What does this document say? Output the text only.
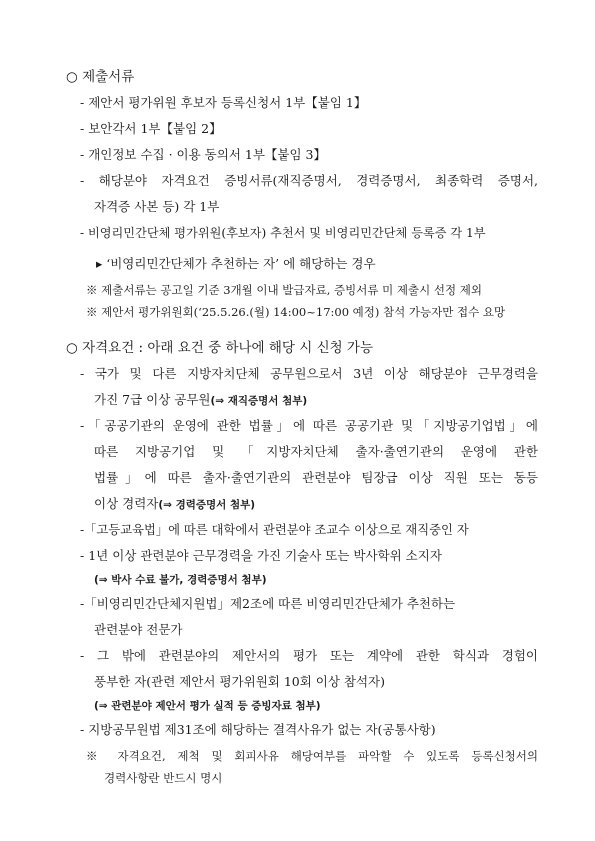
○ 제출서류
- 제안서 평가위원 후보자 등록신청서 1부【붙임 1】
- 보안각서 1부【붙임 2】
- 개인정보 수집 · 이용 동의서 1부【붙임 3】
- 해당분야 자격요건 증빙서류(재직증명서, 경력증명서, 최종학력 증명서,
자격증 사본 등) 각 1부
- 비영리민간단체 평가위원(후보자) 추천서 및 비영리민간단체 등록증 각 1부
▸ ‘비영리민간단체가 추천하는 자’ 에 해당하는 경우
※ 제출서류는 공고일 기준 3개월 이내 발급자료, 증빙서류 미 제출시 선정 제외
※ 제안서 평가위원회(‘25.5.26.(월) 14:00~17:00 예정) 참석 가능자만 접수 요망
○ 자격요건 : 아래 요건 중 하나에 해당 시 신청 가능
- 국가 및 다른 지방자치단체 공무원으로서 3년 이상 해당분야 근무경력을
가진 7급 이상 공무원(⇒ 재직증명서 첨부)
-「공공기관의 운영에 관한 법률」에 따른 공공기관 및「지방공기업법」에
따른 지방공기업 및 「지방자치단체 출자·출연기관의 운영에 관한
법률」에 따른 출자·출연기관의 관련분야 팀장급 이상 직원 또는 동등
이상 경력자(⇒ 경력증명서 첨부)
-「고등교육법」에 따른 대학에서 관련분야 조교수 이상으로 재직중인 자
- 1년 이상 관련분야 근무경력을 가진 기술사 또는 박사학위 소지자
(⇒ 박사 수료 불가, 경력증명서 첨부)
-「비영리민간단체지원법」제2조에 따른 비영리민간단체가 추천하는
관련분야 전문가
- 그 밖에 관련분야의 제안서의 평가 또는 계약에 관한 학식과 경험이
풍부한 자(관련 제안서 평가위원회 10회 이상 참석자)
(⇒ 관련분야 제안서 평가 실적 등 증빙자료 첨부)
- 지방공무원법 제31조에 해당하는 결격사유가 없는 자(공통사항)
※ 자격요건, 제척 및 회피사유 해당여부를 파악할 수 있도록 등록신청서의
경력사항란 반드시 명시
